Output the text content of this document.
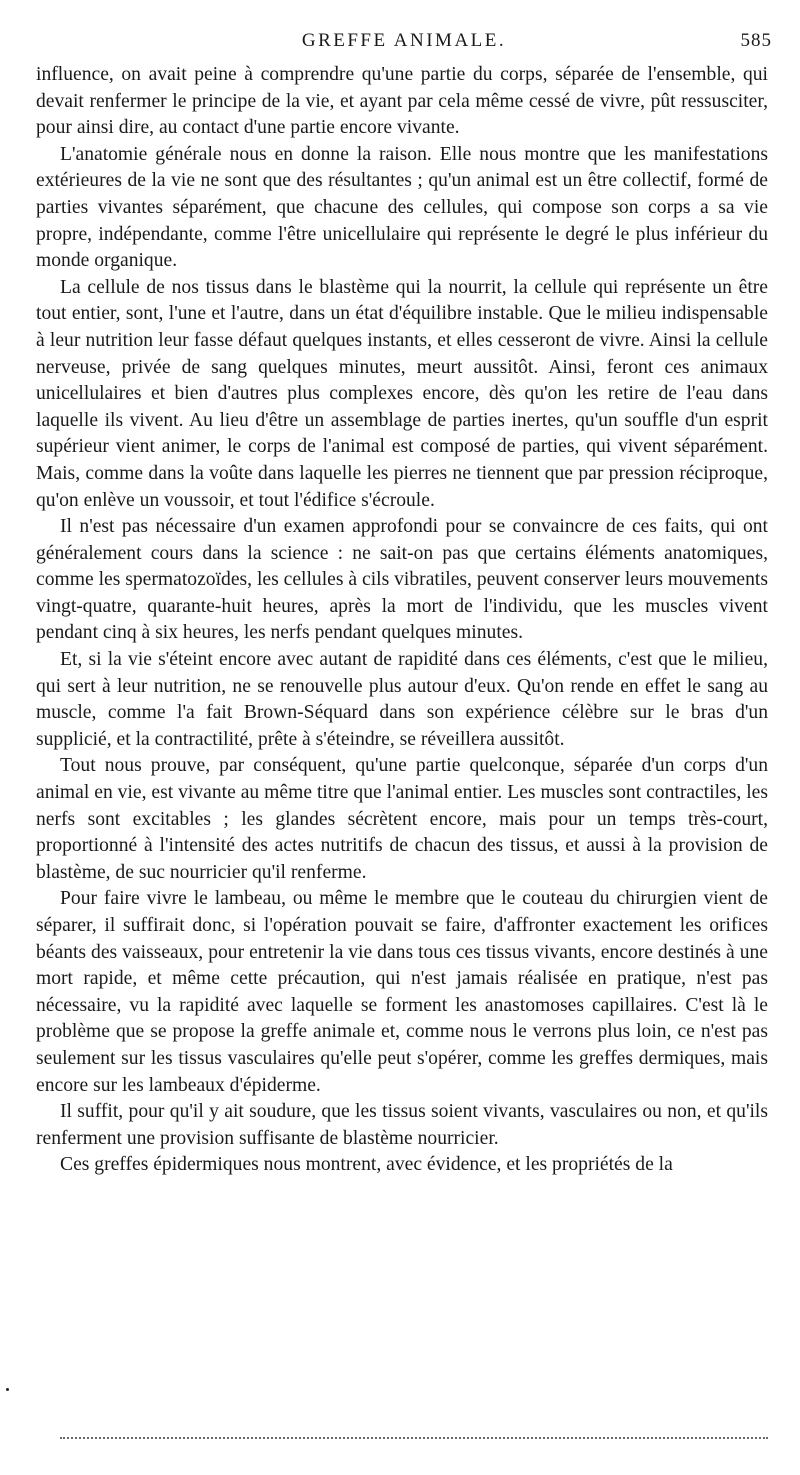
GREFFE ANIMALE.	585

influence, on avait peine à comprendre qu'une partie du corps, séparée de l'ensemble, qui devait renfermer le principe de la vie, et ayant par cela même cessé de vivre, pût ressusciter, pour ainsi dire, au contact d'une partie encore vivante.

L'anatomie générale nous en donne la raison. Elle nous montre que les manifestations extérieures de la vie ne sont que des résultantes ; qu'un animal est un être collectif, formé de parties vivantes séparément, que chacune des cellules, qui compose son corps a sa vie propre, indépendante, comme l'être unicellulaire qui représente le degré le plus inférieur du monde organique.

La cellule de nos tissus dans le blastème qui la nourrit, la cellule qui représente un être tout entier, sont, l'une et l'autre, dans un état d'équilibre instable. Que le milieu indispensable à leur nutrition leur fasse défaut quelques instants, et elles cesseront de vivre. Ainsi la cellule nerveuse, privée de sang quelques minutes, meurt aussitôt. Ainsi, feront ces animaux unicellulaires et bien d'autres plus complexes encore, dès qu'on les retire de l'eau dans laquelle ils vivent. Au lieu d'être un assemblage de parties inertes, qu'un souffle d'un esprit supérieur vient animer, le corps de l'animal est composé de parties, qui vivent séparément. Mais, comme dans la voûte dans laquelle les pierres ne tiennent que par pression réciproque, qu'on enlève un voussoir, et tout l'édifice s'écroule.

Il n'est pas nécessaire d'un examen approfondi pour se convaincre de ces faits, qui ont généralement cours dans la science : ne sait-on pas que certains éléments anatomiques, comme les spermatozoïdes, les cellules à cils vibratiles, peuvent conserver leurs mouvements vingt-quatre, quarante-huit heures, après la mort de l'individu, que les muscles vivent pendant cinq à six heures, les nerfs pendant quelques minutes.

Et, si la vie s'éteint encore avec autant de rapidité dans ces éléments, c'est que le milieu, qui sert à leur nutrition, ne se renouvelle plus autour d'eux. Qu'on rende en effet le sang au muscle, comme l'a fait Brown-Séquard dans son expérience célèbre sur le bras d'un supplicié, et la contractilité, prête à s'éteindre, se réveillera aussitôt.

Tout nous prouve, par conséquent, qu'une partie quelconque, séparée d'un corps d'un animal en vie, est vivante au même titre que l'animal entier. Les muscles sont contractiles, les nerfs sont excitables ; les glandes sécrètent encore, mais pour un temps très-court, proportionné à l'intensité des actes nutritifs de chacun des tissus, et aussi à la provision de blastème, de suc nourricier qu'il renferme.

Pour faire vivre le lambeau, ou même le membre que le couteau du chirurgien vient de séparer, il suffirait donc, si l'opération pouvait se faire, d'affronter exactement les orifices béants des vaisseaux, pour entretenir la vie dans tous ces tissus vivants, encore destinés à une mort rapide, et même cette précaution, qui n'est jamais réalisée en pratique, n'est pas nécessaire, vu la rapidité avec laquelle se forment les anastomoses capillaires. C'est là le problème que se propose la greffe animale et, comme nous le verrons plus loin, ce n'est pas seulement sur les tissus vasculaires qu'elle peut s'opérer, comme les greffes dermiques, mais encore sur les lambeaux d'épiderme.

Il suffit, pour qu'il y ait soudure, que les tissus soient vivants, vasculaires ou non, et qu'ils renferment une provision suffisante de blastème nourricier.

Ces greffes épidermiques nous montrent, avec évidence, et les propriétés de la
